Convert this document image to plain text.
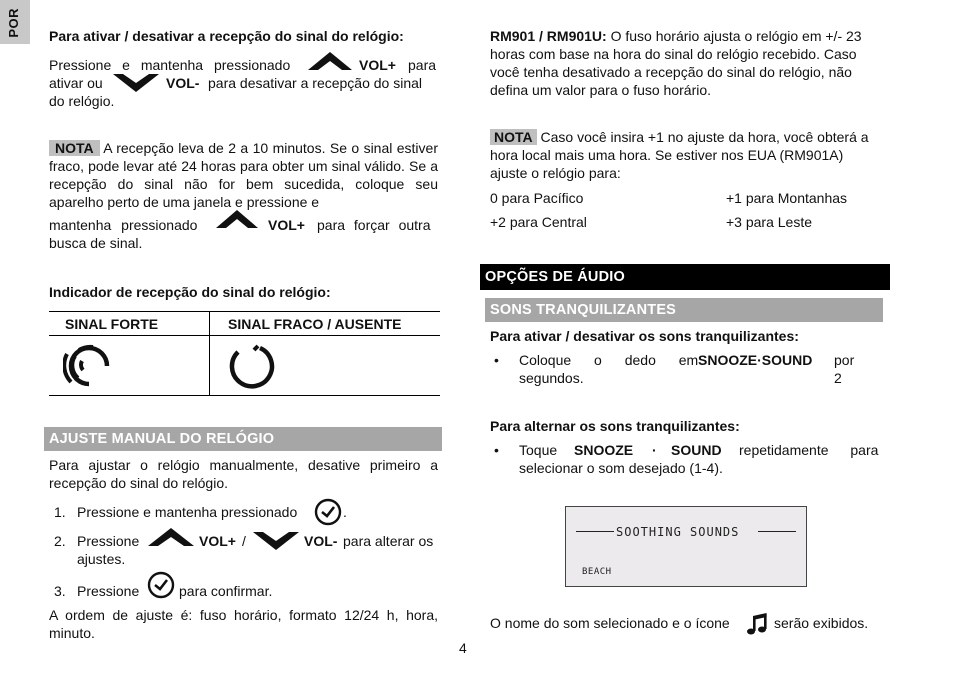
POR Para ativar / desativar a recepção do sinal do relógio:
Pressione e mantenha pressionado	VOL+ para
ativar ou	VOL- para desativar a recepção do sinal
do relógio.
NOTA A recepção leva de 2 a 10 minutos. Se o sinal estiver fraco, pode levar até 24 horas para obter um sinal válido. Se a recepção do sinal não for bem sucedida, coloque seu aparelho perto de uma janela e pressione e
mantenha pressionado	VOL+ para forçar outra
busca de sinal.
Indicador de recepção do sinal do relógio:
SINAL FORTE	SINAL FRACO / AUSENTE

AJUSTE MANUAL DO RELÓGIO
Para ajustar o relógio manualmente, desative primeiro a recepção do sinal do relógio.
1. Pressione e mantenha pressionado	.
2. Pressione	VOL+ /	VOL- para alterar os
ajustes.
3. Pressione	para confirmar.
A ordem de ajuste é: fuso horário, formato 12/24 h, hora, minuto.
4
RM901 / RM901U: O fuso horário ajusta o relógio em +/- 23 horas com base na hora do sinal do relógio recebido. Caso você tenha desativado a recepção do sinal do relógio, não defina um valor para o fuso horário.
NOTA Caso você insira +1 no ajuste da hora, você obterá a hora local mais uma hora. Se estiver nos EUA (RM901A) ajuste o relógio para:
0 para Pacífico	+1 para Montanhas
+2 para Central	+3 para Leste
OPÇÕES DE ÁUDIO
SONS TRANQUILIZANTES
Para ativar / desativar os sons tranquilizantes:
• Coloque o dedo em SNOOZE·SOUND por 2
segundos.
Para alternar os sons tranquilizantes:
• Toque SNOOZE · SOUND repetidamente para
selecionar o som desejado (1-4).
SOOTHING SOUNDS
BEACH
O nome do som selecionado e o ícone	serão exibidos.
